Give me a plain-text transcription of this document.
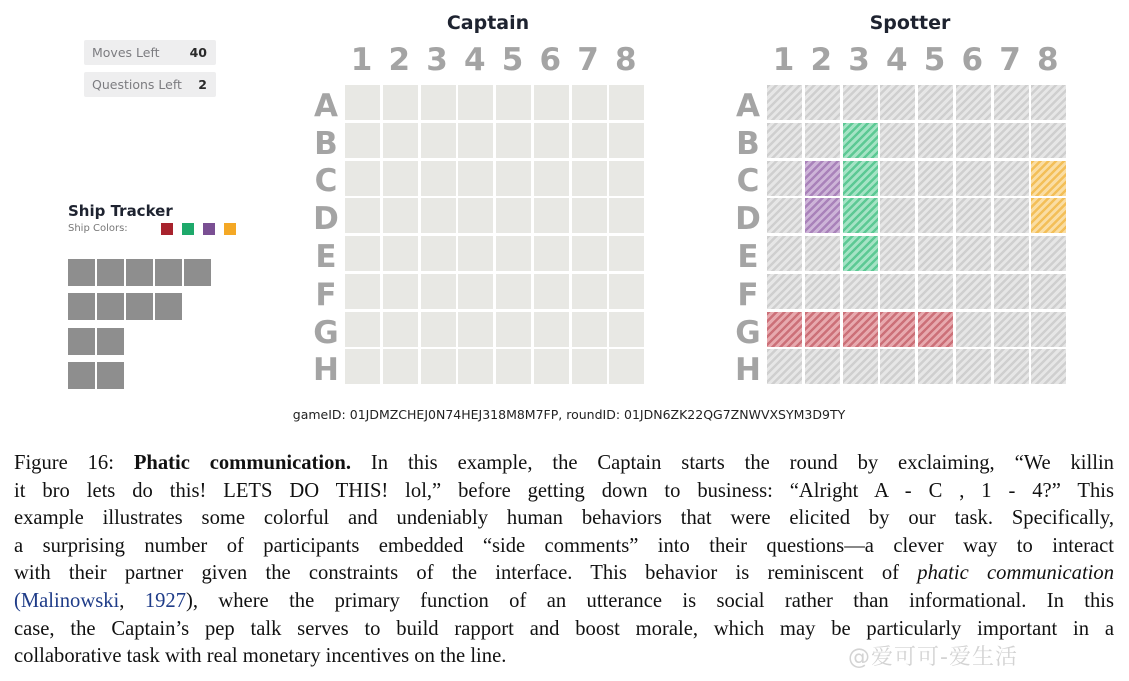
Moves Left 40
Questions Left 2
Ship Tracker
Ship Colors:
Captain
1 2 3 4 5 6 7 8
A
B
C
D
E
F
G
H
Spotter
1 2 3 4 5 6 7 8
A
B
C
D
E
F
G
H
gameID: 01JDMZCHEJ0N74HEJ318M8M7FP, roundID: 01JDN6ZK22QG7ZNWVXSYM3D9TY
Figure 16: Phatic communication. In this example, the Captain starts the round by exclaiming, “We killin
it bro lets do this! LETS DO THIS! lol,” before getting down to business: “Alright A - C , 1 - 4?” This
example illustrates some colorful and undeniably human behaviors that were elicited by our task. Specifically,
a surprising number of participants embedded “side comments” into their questions—a clever way to interact
with their partner given the constraints of the interface. This behavior is reminiscent of phatic communication
(Malinowski, 1927), where the primary function of an utterance is social rather than informational. In this
case, the Captain’s pep talk serves to build rapport and boost morale, which may be particularly important in a
collaborative task with real monetary incentives on the line.	@爱可可-爱生活
